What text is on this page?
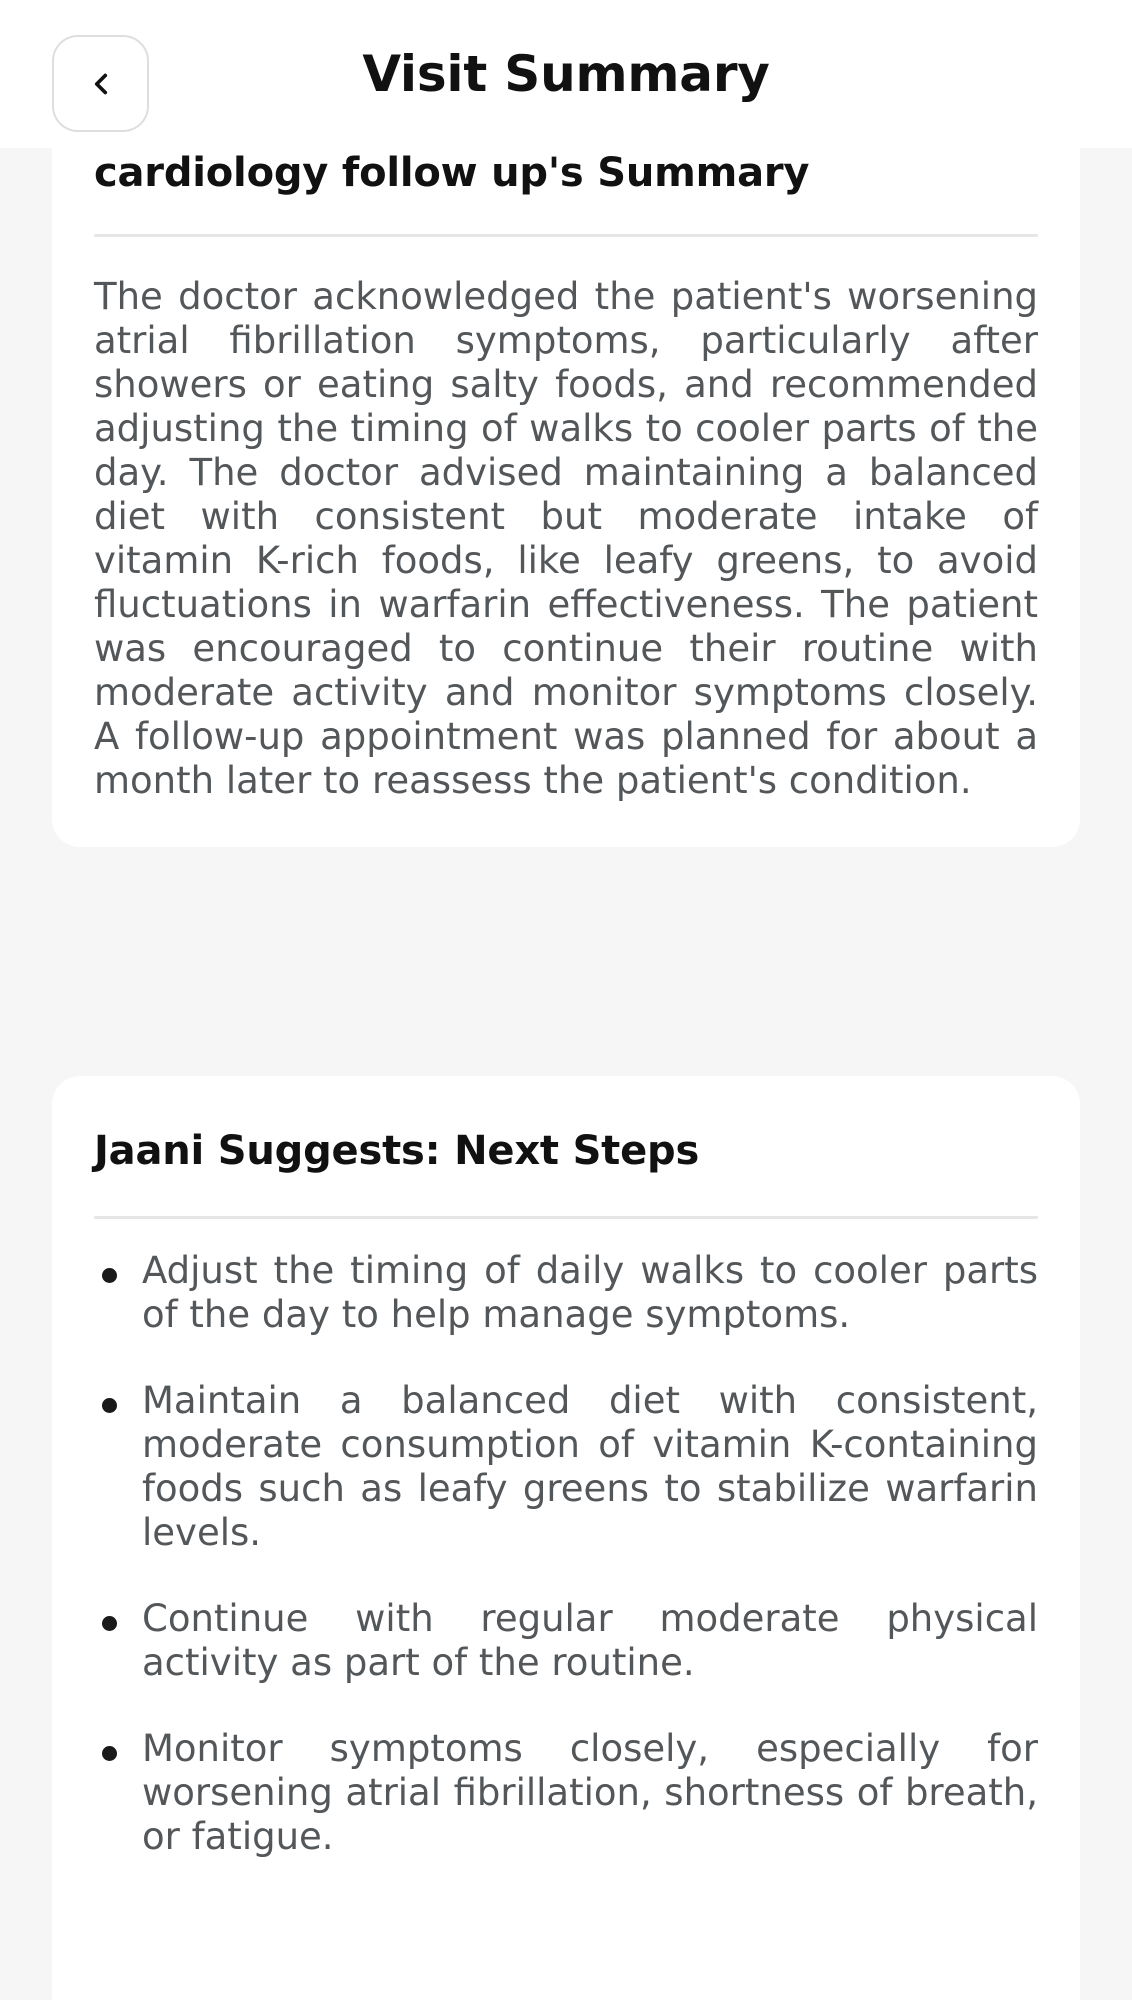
Visit Summary
cardiology follow up's Summary

The doctor acknowledged the patient's worsening atrial fibrillation symptoms, particularly after showers or eating salty foods, and recommended adjusting the timing of walks to cooler parts of the day. The doctor advised maintaining a balanced diet with consistent but moderate intake of vitamin K-rich foods, like leafy greens, to avoid fluctuations in warfarin effectiveness. The patient was encouraged to continue their routine with moderate activity and monitor symptoms closely. A follow-up appointment was planned for about a month later to reassess the patient's condition.

Jaani Suggests: Next Steps
Adjust the timing of daily walks to cooler parts of the day to help manage symptoms.
Maintain a balanced diet with consistent, moderate consumption of vitamin K-containing foods such as leafy greens to stabilize warfarin levels.
Continue with regular moderate physical activity as part of the routine.
Monitor symptoms closely, especially for worsening atrial fibrillation, shortness of breath, or fatigue.
